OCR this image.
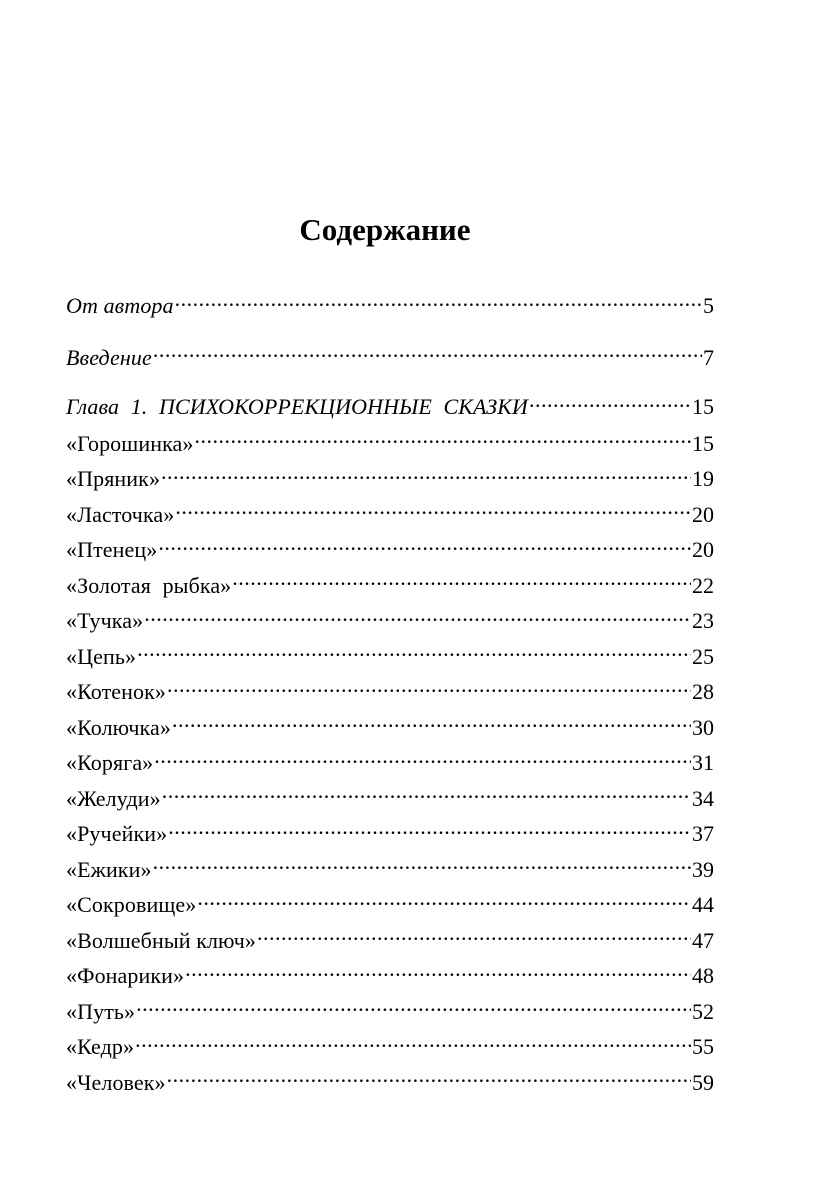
Содержание
От автора .....	5
Введение .....	7
Глава 1. ПСИХОКОРРЕКЦИОННЫЕ СКАЗКИ .....	15
«Горошинка» .....	15
«Пряник» .....	19
«Ласточка» .....	20
«Птенец» .....	20
«Золотая рыбка» .....	22
«Тучка» .....	23
«Цепь» .....	25
«Котенок» .....	28
«Колючка» .....	30
«Коряга» .....	31
«Желуди» .....	34
«Ручейки» .....	37
«Ежики» .....	39
«Сокровище» .....	44
«Волшебный ключ» .....	47
«Фонарики» .....	48
«Путь» .....	52
«Кедр» .....	55
«Человек» .....	59
